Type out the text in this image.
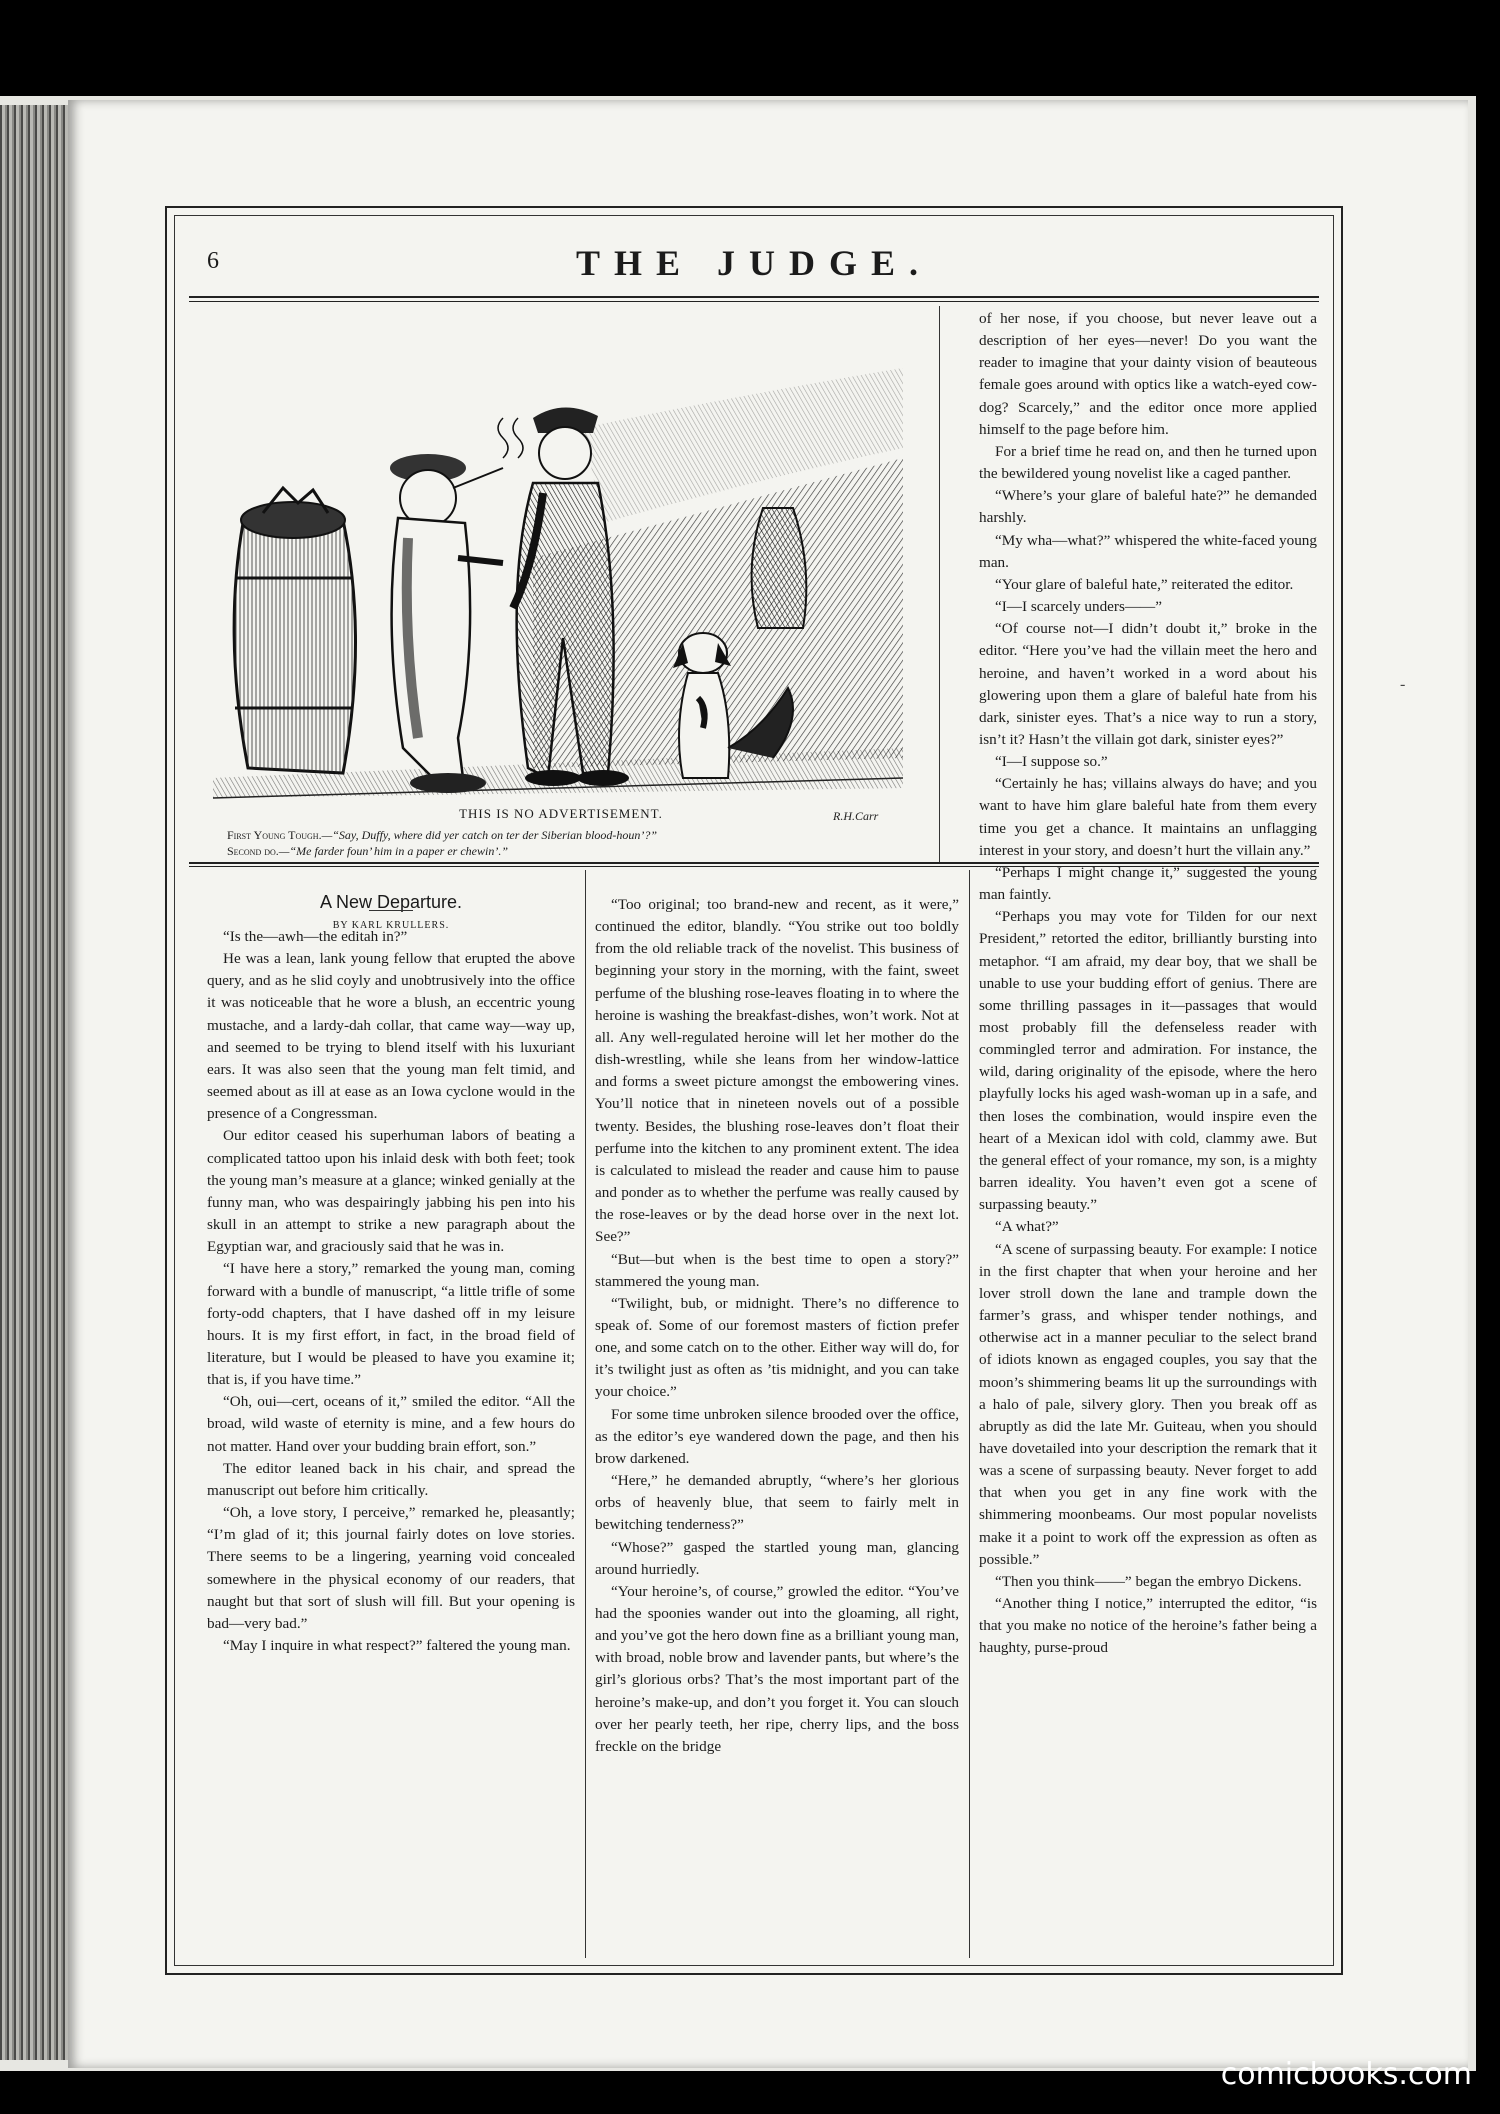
6	THE JUDGE.
R.H.Carr
THIS IS NO ADVERTISEMENT.
First Young Tough.—“Say, Duffy, where did yer catch on ter der Siberian blood-houn’?”
Second do.—“Me farder foun’ him in a paper er chewin’.”
A New Departure.
BY KARL KRULLERS.

“Is the—awh—the editah in?”

He was a lean, lank young fellow that erupted the above query, and as he slid coyly and unobtrusively into the office it was noticeable that he wore a blush, an eccentric young mustache, and a lardy-dah collar, that came way—way up, and seemed to be trying to blend itself with his luxuriant ears. It was also seen that the young man felt timid, and seemed about as ill at ease as an Iowa cyclone would in the presence of a Congressman.

Our editor ceased his superhuman labors of beating a complicated tattoo upon his inlaid desk with both feet; took the young man’s measure at a glance; winked genially at the funny man, who was despairingly jabbing his pen into his skull in an attempt to strike a new paragraph about the Egyptian war, and graciously said that he was in.

“I have here a story,” remarked the young man, coming forward with a bundle of manuscript, “a little trifle of some forty-odd chapters, that I have dashed off in my leisure hours. It is my first effort, in fact, in the broad field of literature, but I would be pleased to have you examine it; that is, if you have time.”

“Oh, oui—cert, oceans of it,” smiled the editor. “All the broad, wild waste of eternity is mine, and a few hours do not matter. Hand over your budding brain effort, son.”

The editor leaned back in his chair, and spread the manuscript out before him critically.

“Oh, a love story, I perceive,” remarked he, pleasantly; “I’m glad of it; this journal fairly dotes on love stories. There seems to be a lingering, yearning void concealed somewhere in the physical economy of our readers, that naught but that sort of slush will fill. But your opening is bad—very bad.”

“May I inquire in what respect?” faltered the young man.

“Too original; too brand-new and recent, as it were,” continued the editor, blandly. “You strike out too boldly from the old reliable track of the novelist. This business of beginning your story in the morning, with the faint, sweet perfume of the blushing rose-leaves floating in to where the heroine is washing the breakfast-dishes, won’t work. Not at all. Any well-regulated heroine will let her mother do the dish-wrestling, while she leans from her window-lattice and forms a sweet picture amongst the embowering vines. You’ll notice that in nineteen novels out of a possible twenty. Besides, the blushing rose-leaves don’t float their perfume into the kitchen to any prominent extent. The idea is calculated to mislead the reader and cause him to pause and ponder as to whether the perfume was really caused by the rose-leaves or by the dead horse over in the next lot. See?”

“But—but when is the best time to open a story?” stammered the young man.

“Twilight, bub, or midnight. There’s no difference to speak of. Some of our foremost masters of fiction prefer one, and some catch on to the other. Either way will do, for it’s twilight just as often as ’tis midnight, and you can take your choice.”

For some time unbroken silence brooded over the office, as the editor’s eye wandered down the page, and then his brow darkened.

“Here,” he demanded abruptly, “where’s her glorious orbs of heavenly blue, that seem to fairly melt in bewitching tenderness?”

“Whose?” gasped the startled young man, glancing around hurriedly.

“Your heroine’s, of course,” growled the editor. “You’ve had the spoonies wander out into the gloaming, all right, and you’ve got the hero down fine as a brilliant young man, with broad, noble brow and lavender pants, but where’s the girl’s glorious orbs? That’s the most important part of the heroine’s make-up, and don’t you forget it. You can slouch over her pearly teeth, her ripe, cherry lips, and the boss freckle on the bridge

of her nose, if you choose, but never leave out a description of her eyes—never! Do you want the reader to imagine that your dainty vision of beauteous female goes around with optics like a watch-eyed cow-dog? Scarcely,” and the editor once more applied himself to the page before him.

For a brief time he read on, and then he turned upon the bewildered young novelist like a caged panther.

“Where’s your glare of baleful hate?” he demanded harshly.

“My wha—what?” whispered the white-faced young man.

“Your glare of baleful hate,” reiterated the editor.

“I—I scarcely unders——”

“Of course not—I didn’t doubt it,” broke in the editor. “Here you’ve had the villain meet the hero and heroine, and haven’t worked in a word about his glowering upon them a glare of baleful hate from his dark, sinister eyes. That’s a nice way to run a story, isn’t it? Hasn’t the villain got dark, sinister eyes?”

“I—I suppose so.”

“Certainly he has; villains always do have; and you want to have him glare baleful hate from them every time you get a chance. It maintains an unflagging interest in your story, and doesn’t hurt the villain any.”

“Perhaps I might change it,” suggested the young man faintly.

“Perhaps you may vote for Tilden for our next President,” retorted the editor, brilliantly bursting into metaphor. “I am afraid, my dear boy, that we shall be unable to use your budding effort of genius. There are some thrilling passages in it—passages that would most probably fill the defenseless reader with commingled terror and admiration. For instance, the wild, daring originality of the episode, where the hero playfully locks his aged wash-woman up in a safe, and then loses the combination, would inspire even the heart of a Mexican idol with cold, clammy awe. But the general effect of your romance, my son, is a mighty barren ideality. You haven’t even got a scene of surpassing beauty.”

“A what?”

“A scene of surpassing beauty. For example: I notice in the first chapter that when your heroine and her lover stroll down the lane and trample down the farmer’s grass, and whisper tender nothings, and otherwise act in a manner peculiar to the select brand of idiots known as engaged couples, you say that the moon’s shimmering beams lit up the surroundings with a halo of pale, silvery glory. Then you break off as abruptly as did the late Mr. Guiteau, when you should have dovetailed into your description the remark that it was a scene of surpassing beauty. Never forget to add that when you get in any fine work with the shimmering moonbeams. Our most popular novelists make it a point to work off the expression as often as possible.”

“Then you think——” began the embryo Dickens.

“Another thing I notice,” interrupted the editor, “is that you make no notice of the heroine’s father being a haughty, purse-proud

-
comicbooks.com
